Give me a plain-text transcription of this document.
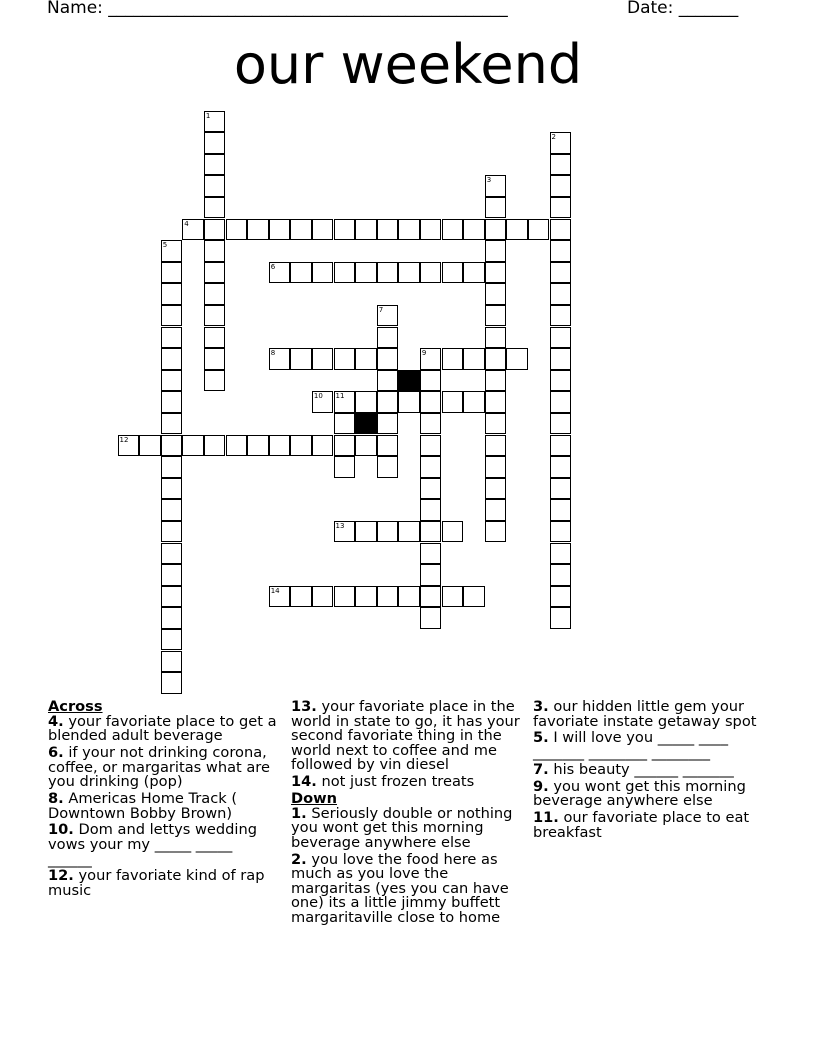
Name: _______________________________________________	Date: _______
our weekend
1
2
3
4
5
6
7
8	9
10 11
12
13
14
Across
4. your favoriate place to get a blended adult beverage
6. if your not drinking corona, coffee, or margaritas what are you drinking (pop)
8. Americas Home Track ( Downtown Bobby Brown)
10. Dom and lettys wedding vows your my _____ _____ ______
12. your favoriate kind of rap music
13. your favoriate place in the world in state to go, it has your second favoriate thing in the world next to coffee and me followed by vin diesel
14. not just frozen treats
Down
1. Seriously double or nothing you wont get this morning beverage anywhere else
2. you love the food here as much as you love the margaritas (yes you can have one) its a little jimmy buffett margaritaville close to home
3. our hidden little gem your favoriate instate getaway spot
5. I will love you _____ ____ _______ ________ ________
7. his beauty ______ _______
9. you wont get this morning beverage anywhere else
11. our favoriate place to eat breakfast
